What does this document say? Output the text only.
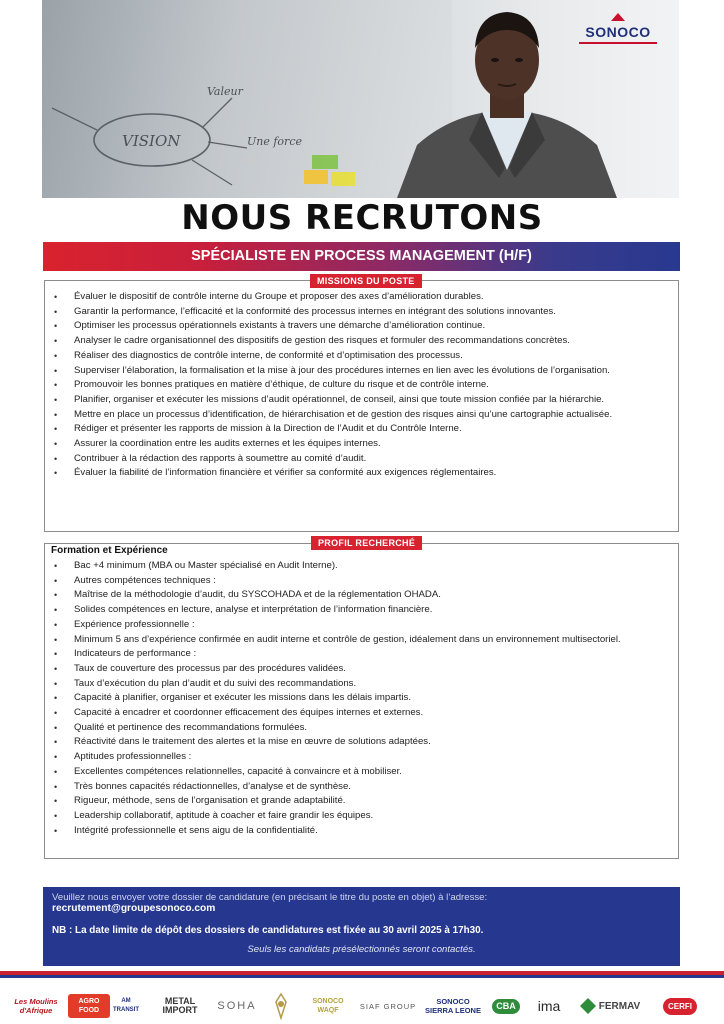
VISION
Valeur
Une force
SONOCO
NOUS RECRUTONS
SPÉCIALISTE EN PROCESS MANAGEMENT (H/F)
MISSIONS DU POSTE
• Évaluer le dispositif de contrôle interne du Groupe et proposer des axes d’amélioration durables.
• Garantir la performance, l’efficacité et la conformité des processus internes en intégrant des solutions innovantes.
• Optimiser les processus opérationnels existants à travers une démarche d’amélioration continue.
• Analyser le cadre organisationnel des dispositifs de gestion des risques et formuler des recommandations concrètes.
• Réaliser des diagnostics de contrôle interne, de conformité et d’optimisation des processus.
• Superviser l’élaboration, la formalisation et la mise à jour des procédures internes en lien avec les évolutions de l’organisation.
• Promouvoir les bonnes pratiques en matière d’éthique, de culture du risque et de contrôle interne.
• Planifier, organiser et exécuter les missions d’audit opérationnel, de conseil, ainsi que toute mission confiée par la hiérarchie.
• Mettre en place un processus d’identification, de hiérarchisation et de gestion des risques ainsi qu’une cartographie actualisée.
• Rédiger et présenter les rapports de mission à la Direction de l’Audit et du Contrôle Interne.
• Assurer la coordination entre les audits externes et les équipes internes.
• Contribuer à la rédaction des rapports à soumettre au comité d’audit.
• Évaluer la fiabilité de l’information financière et vérifier sa conformité aux exigences réglementaires.
PROFIL RECHERCHÉ
Formation et Expérience
• Bac +4 minimum (MBA ou Master spécialisé en Audit Interne).
• Autres compétences techniques :
• Maîtrise de la méthodologie d’audit, du SYSCOHADA et de la réglementation OHADA.
• Solides compétences en lecture, analyse et interprétation de l’information financière.
• Expérience professionnelle :
• Minimum 5 ans d’expérience confirmée en audit interne et contrôle de gestion, idéalement dans un environnement multisectoriel.
• Indicateurs de performance :
• Taux de couverture des processus par des procédures validées.
• Taux d’exécution du plan d’audit et du suivi des recommandations.
• Capacité à planifier, organiser et exécuter les missions dans les délais impartis.
• Capacité à encadrer et coordonner efficacement des équipes internes et externes.
• Qualité et pertinence des recommandations formulées.
• Réactivité dans le traitement des alertes et la mise en œuvre de solutions adaptées.
• Aptitudes professionnelles :
• Excellentes compétences relationnelles, capacité à convaincre et à mobiliser.
• Très bonnes capacités rédactionnelles, d’analyse et de synthèse.
• Rigueur, méthode, sens de l’organisation et grande adaptabilité.
• Leadership collaboratif, aptitude à coacher et faire grandir les équipes.
• Intégrité professionnelle et sens aigu de la confidentialité.
Veuillez nous envoyer votre dossier de candidature (en précisant le titre du poste en objet) à l’adresse:
recrutement@groupesonoco.com
NB : La date limite de dépôt des dossiers de candidatures est fixée au 30 avril 2025 à 17h30.
Seuls les candidats présélectionnés seront contactés.
Les Moulins d'Afrique
AGRO FOOD
AM TRANSIT
METAL IMPORT	SOHA	SONOCO WAQF	SIAF GROUP	SONOCO SIERRA LEONE	CBA ima	FERMAV	CERFI
